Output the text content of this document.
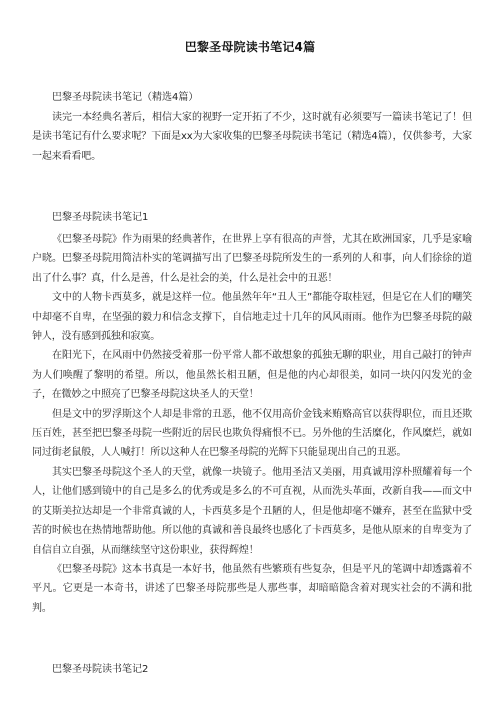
巴黎圣母院读书笔记4篇
巴黎圣母院读书笔记（精选4篇）

读完一本经典名著后，相信大家的视野一定开拓了不少，这时就有必须要写一篇读书笔记了！但是读书笔记有什么要求呢？下面是xx为大家收集的巴黎圣母院读书笔记（精选4篇），仅供参考，大家一起来看看吧。

巴黎圣母院读书笔记1

《巴黎圣母院》作为雨果的经典著作，在世界上享有很高的声誉，尤其在欧洲国家，几乎是家喻户晓。巴黎圣母院用简洁朴实的笔调描写出了巴黎圣母院所发生的一系列的人和事，向人们徐徐的道出了什么事？真，什么是善，什么是社会的美，什么是社会中的丑恶！

文中的人物卡西莫多，就是这样一位。他虽然年年“丑人王”都能夺取桂冠，但是它在人们的嘲笑中却毫不自卑，在坚强的毅力和信念支撑下，自信地走过十几年的风风雨雨。他作为巴黎圣母院的敲钟人，没有感到孤独和寂寞。

在阳光下，在风雨中仍然接受着那一份平常人都不敢想象的孤独无聊的职业，用自己敲打的钟声为人们唤醒了黎明的希望。所以，他虽然长相丑陋，但是他的内心却很美，如同一块闪闪发光的金子，在微妙之中照亮了巴黎圣母院这块圣人的天堂！

但是文中的罗浮斯这个人却是非常的丑恶，他不仅用高价金钱来贿赂高官以获得职位，而且还欺压百姓，甚至把巴黎圣母院一些附近的居民也欺负得痛恨不已。另外他的生活糜化，作风糜烂，就如同过街老鼠般，人人喊打！所以这种人在巴黎圣母院的光辉下只能显现出自己的丑恶。

其实巴黎圣母院这个圣人的天堂，就像一块镜子。他用圣洁又美丽，用真诚用淳朴照耀着每一个人，让他们感到镜中的自己是多么的优秀或是多么的不可直视，从而洗头革面，改新自我——而文中的艾斯美拉达却是一个非常真诚的人，卡西莫多是个丑陋的人，但是他却毫不嫌弃，甚至在监狱中受苦的时候也在热情地帮助他。所以他的真诚和善良最终也感化了卡西莫多，是他从原来的自卑变为了自信自立自强，从而继续坚守这份职业，获得辉煌！

《巴黎圣母院》这本书真是一本好书，他虽然有些繁琐有些复杂，但是平凡的笔调中却透露着不平凡。它更是一本奇书，讲述了巴黎圣母院那些是人那些事，却暗暗隐含着对现实社会的不满和批判。

巴黎圣母院读书笔记2
